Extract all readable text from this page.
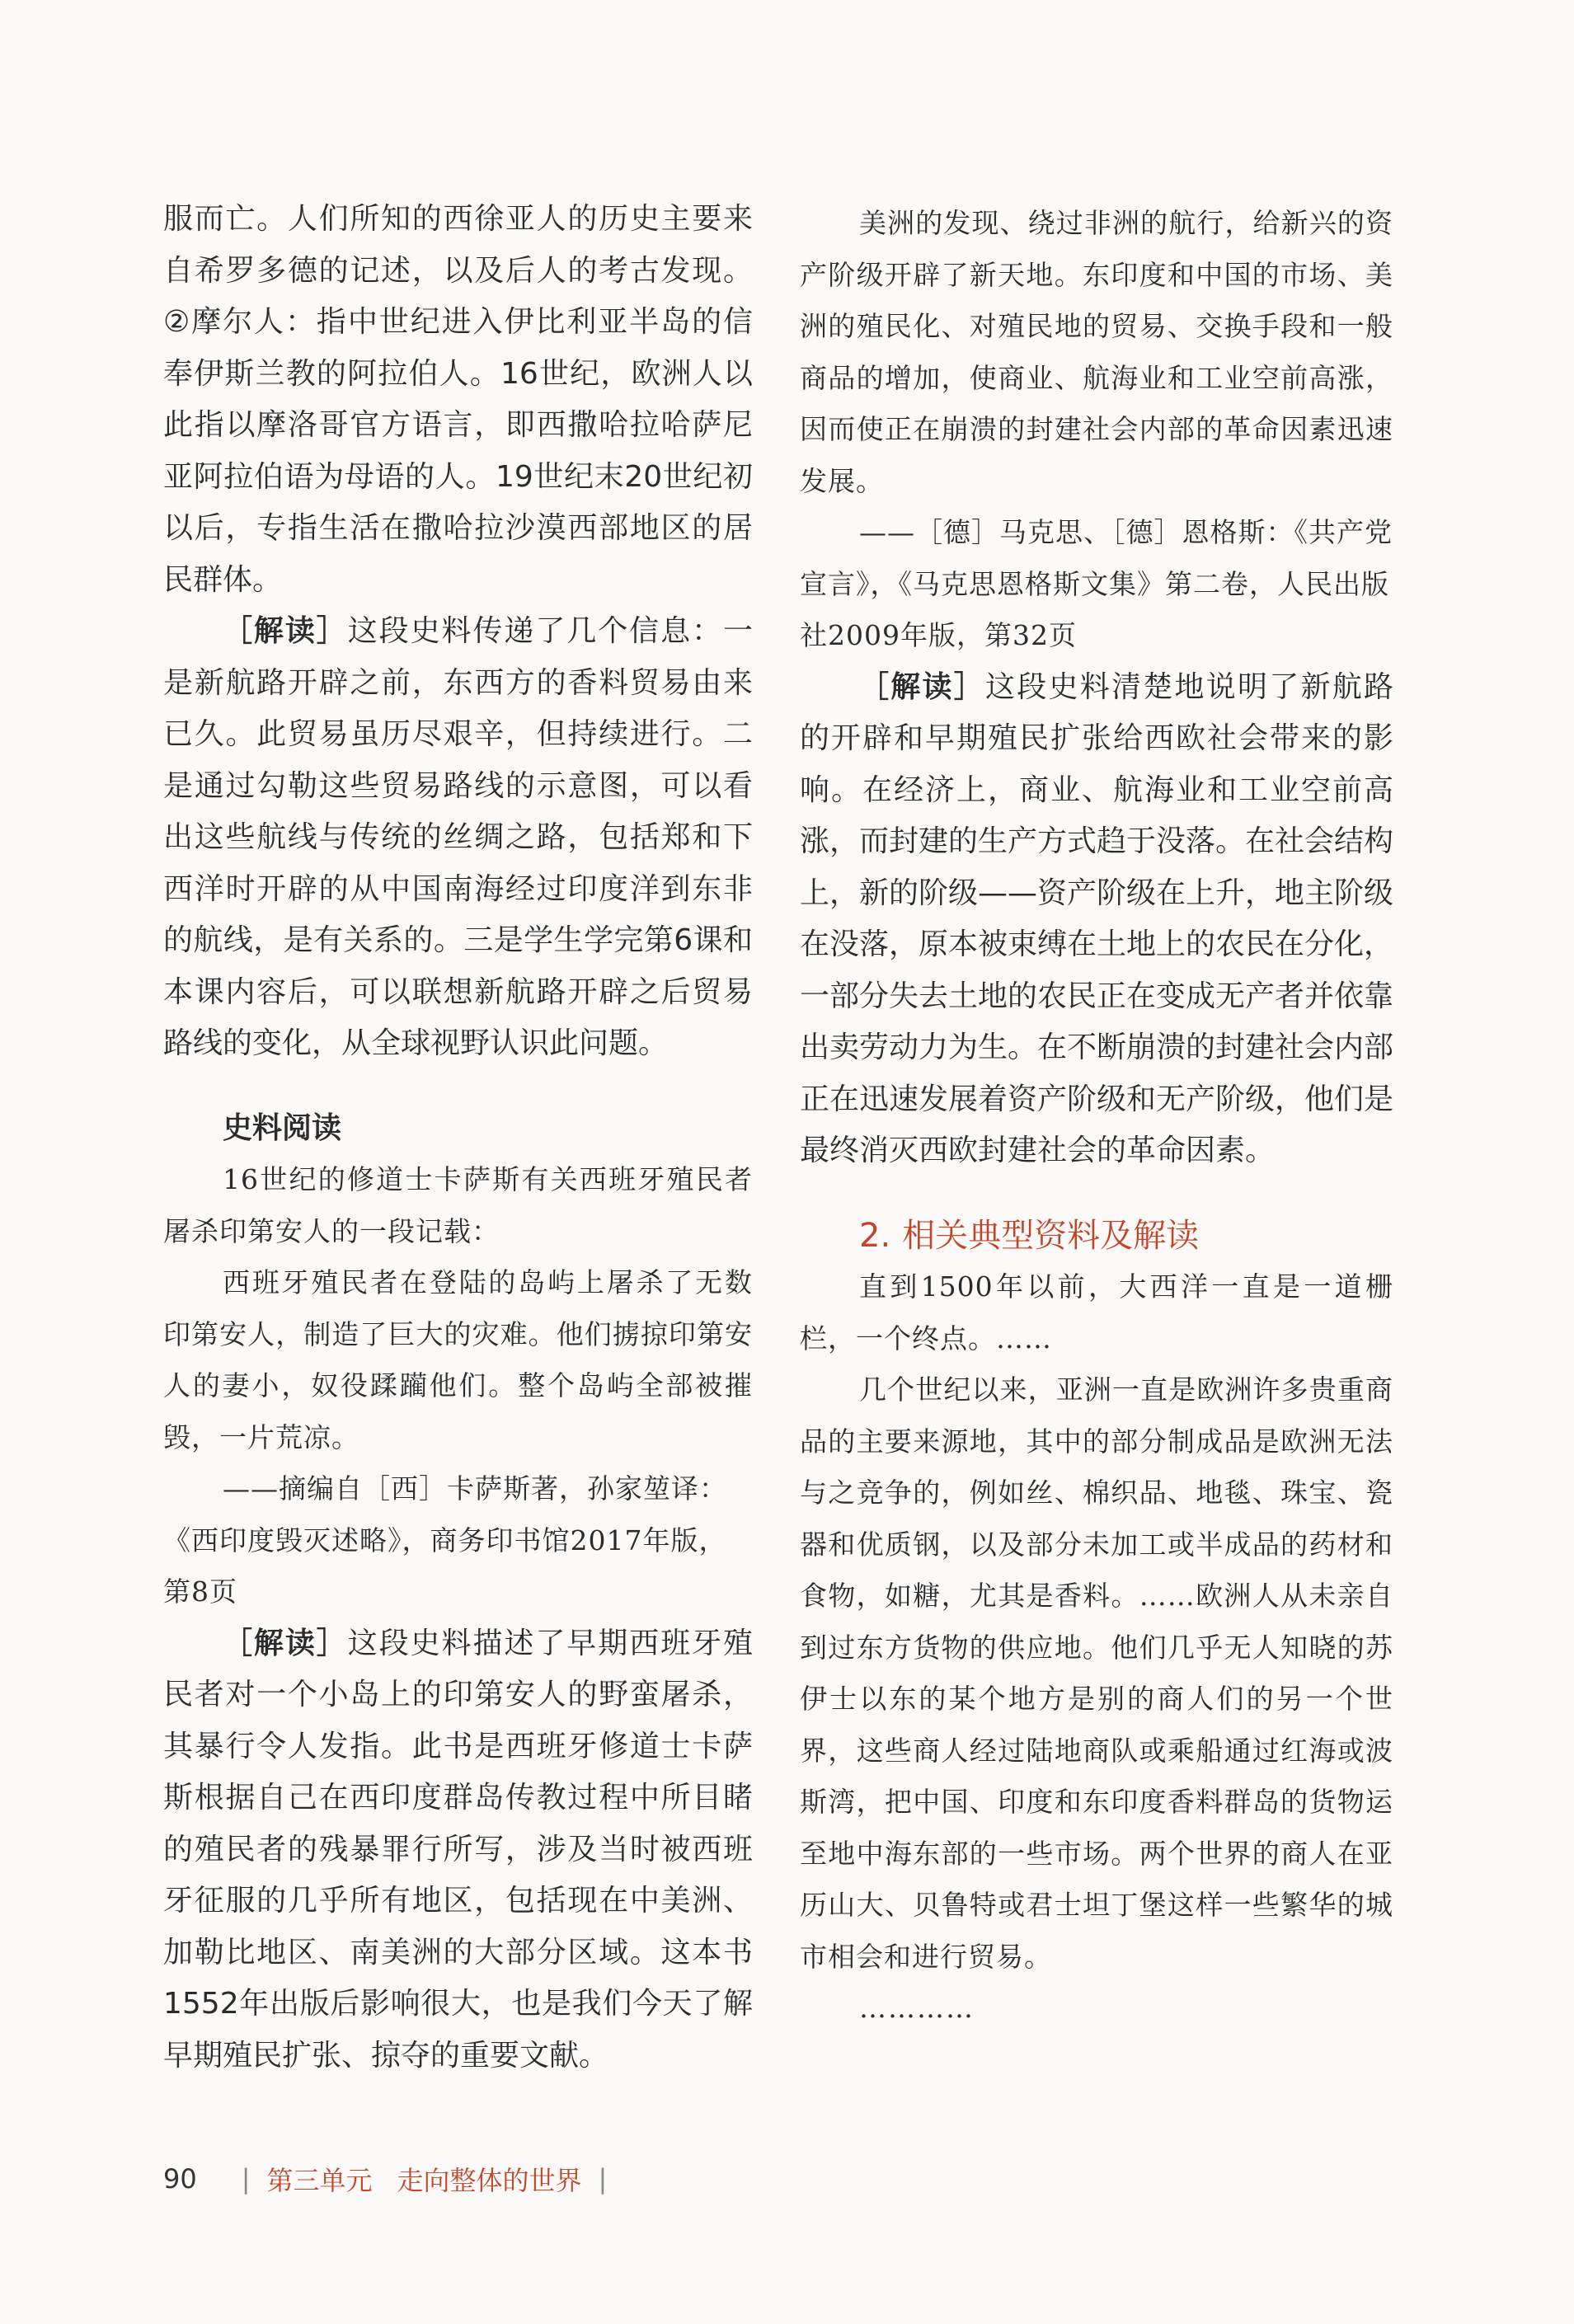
服而亡。人们所知的西徐亚人的历史主要来自希罗多德的记述，以及后人的考古发现。②摩尔人：指中世纪进入伊比利亚半岛的信奉伊斯兰教的阿拉伯人。16世纪，欧洲人以此指以摩洛哥官方语言，即西撒哈拉哈萨尼亚阿拉伯语为母语的人。19世纪末20世纪初以后，专指生活在撒哈拉沙漠西部地区的居民群体。

［解读］这段史料传递了几个信息：一是新航路开辟之前，东西方的香料贸易由来已久。此贸易虽历尽艰辛，但持续进行。二是通过勾勒这些贸易路线的示意图，可以看出这些航线与传统的丝绸之路，包括郑和下西洋时开辟的从中国南海经过印度洋到东非的航线，是有关系的。三是学生学完第6课和本课内容后，可以联想新航路开辟之后贸易路线的变化，从全球视野认识此问题。

史料阅读

16世纪的修道士卡萨斯有关西班牙殖民者屠杀印第安人的一段记载：

西班牙殖民者在登陆的岛屿上屠杀了无数印第安人，制造了巨大的灾难。他们掳掠印第安人的妻小，奴役蹂躏他们。整个岛屿全部被摧毁，一片荒凉。

——摘编自［西］卡萨斯著，孙家堃译：《西印度毁灭述略》，商务印书馆2017年版，第8页

［解读］这段史料描述了早期西班牙殖民者对一个小岛上的印第安人的野蛮屠杀，其暴行令人发指。此书是西班牙修道士卡萨斯根据自己在西印度群岛传教过程中所目睹的殖民者的残暴罪行所写，涉及当时被西班牙征服的几乎所有地区，包括现在中美洲、加勒比地区、南美洲的大部分区域。这本书1552年出版后影响很大，也是我们今天了解早期殖民扩张、掠夺的重要文献。

美洲的发现、绕过非洲的航行，给新兴的资产阶级开辟了新天地。东印度和中国的市场、美洲的殖民化、对殖民地的贸易、交换手段和一般商品的增加，使商业、航海业和工业空前高涨，因而使正在崩溃的封建社会内部的革命因素迅速发展。

——［德］马克思、［德］恩格斯：《共产党宣言》，《马克思恩格斯文集》第二卷，人民出版社2009年版，第32页

［解读］这段史料清楚地说明了新航路的开辟和早期殖民扩张给西欧社会带来的影响。在经济上，商业、航海业和工业空前高涨，而封建的生产方式趋于没落。在社会结构上，新的阶级——资产阶级在上升，地主阶级在没落，原本被束缚在土地上的农民在分化，一部分失去土地的农民正在变成无产者并依靠出卖劳动力为生。在不断崩溃的封建社会内部正在迅速发展着资产阶级和无产阶级，他们是最终消灭西欧封建社会的革命因素。

2. 相关典型资料及解读

直到1500年以前，大西洋一直是一道栅栏，一个终点。……

几个世纪以来，亚洲一直是欧洲许多贵重商品的主要来源地，其中的部分制成品是欧洲无法与之竞争的，例如丝、棉织品、地毯、珠宝、瓷器和优质钢，以及部分未加工或半成品的药材和食物，如糖，尤其是香料。……欧洲人从未亲自到过东方货物的供应地。他们几乎无人知晓的苏伊士以东的某个地方是别的商人们的另一个世界，这些商人经过陆地商队或乘船通过红海或波斯湾，把中国、印度和东印度香料群岛的货物运至地中海东部的一些市场。两个世界的商人在亚历山大、贝鲁特或君士坦丁堡这样一些繁华的城市相会和进行贸易。

…………

90 | 第三单元 走向整体的世界 |
